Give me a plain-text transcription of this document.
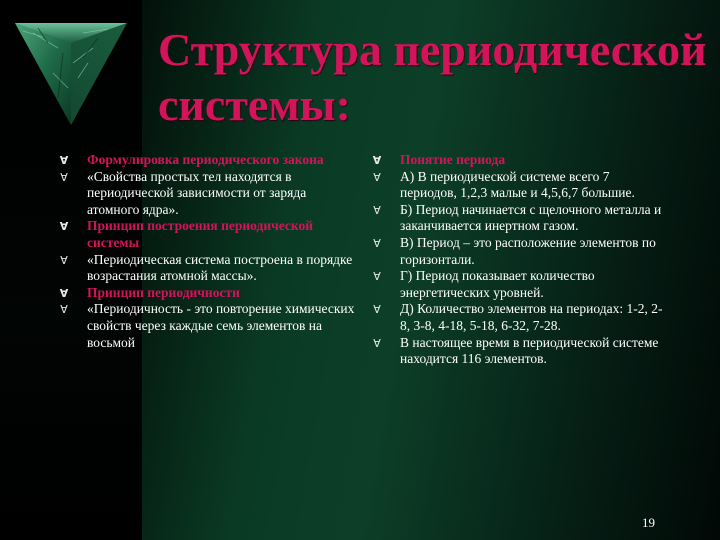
Структура периодической системы:
∀ Формулировка периодического закона
∀ «Свойства простых тел находятся в периодической зависимости от заряда атомного ядра».
∀ Принцип построения периодической системы
∀ «Периодическая система построена в порядке возрастания атомной массы».
∀ Принцип периодичности
∀ «Периодичность - это повторение химических свойств через каждые семь элементов на восьмой
∀ Понятие периода
∀ А) В периодической системе всего 7 периодов, 1,2,3 малые и 4,5,6,7 большие.
∀ Б) Период начинается с щелочного металла и заканчивается инертном газом.
∀ В) Период – это расположение элементов по горизонтали.
∀ Г) Период показывает количество энергетических уровней.
∀ Д) Количество элементов на периодах: 1-2, 2-8, 3-8, 4-18, 5-18, 6-32, 7-28.
∀ В настоящее время в периодической системе находится 116 элементов.
19
